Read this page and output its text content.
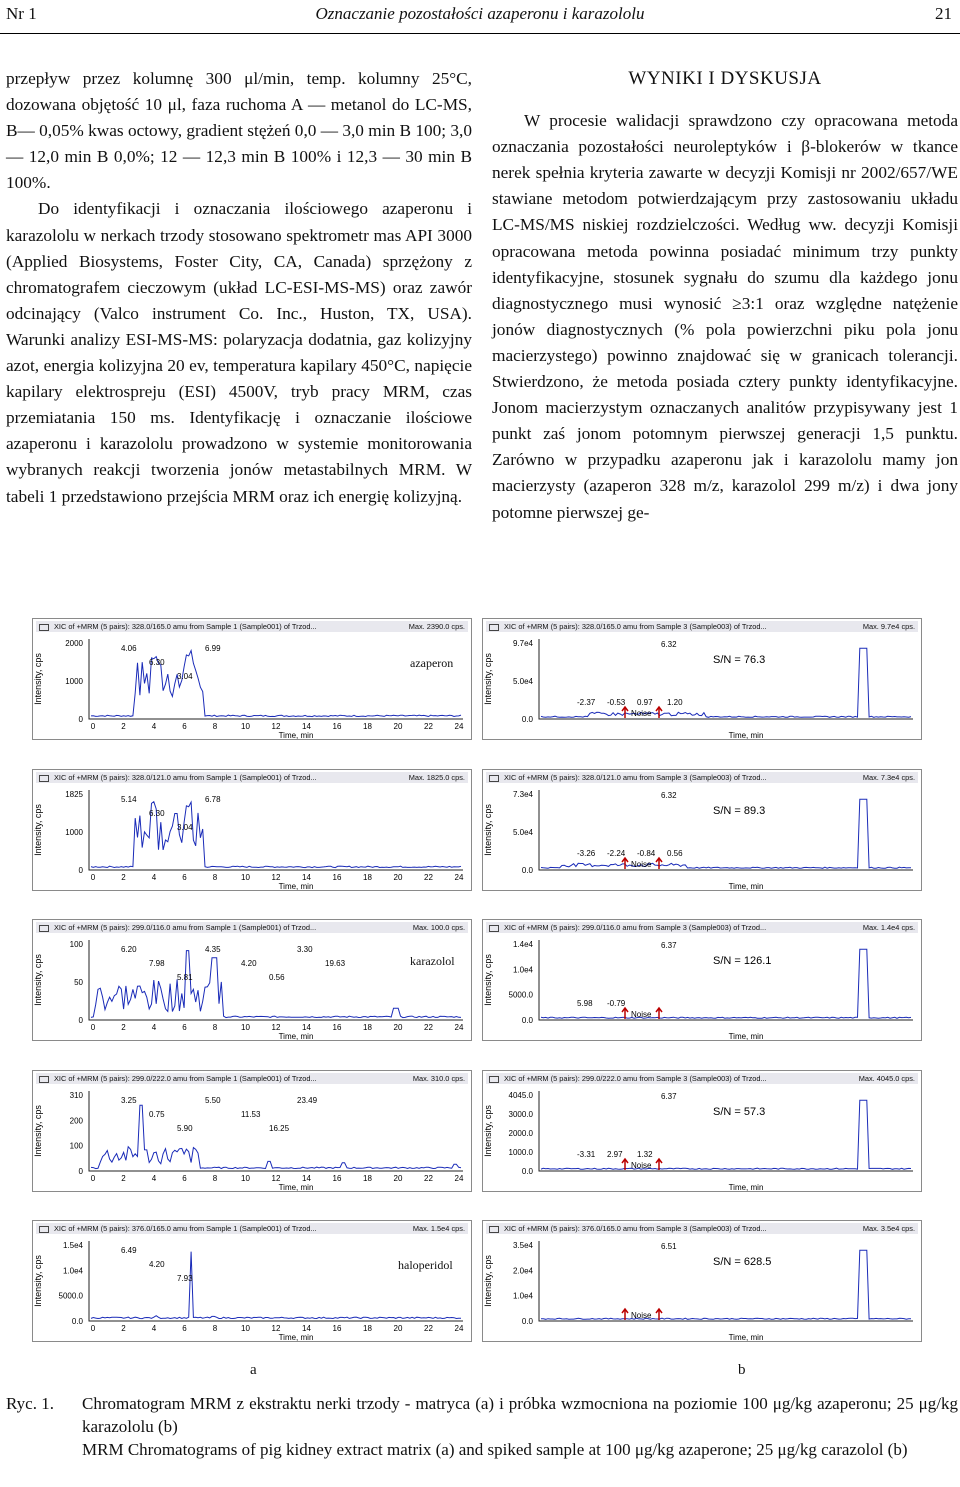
Nr 1	Oznaczanie pozostałości azaperonu i karazololu	21

przepływ przez kolumnę 300 μl/min, temp. kolumny 25°C, dozowana objętość 10 μl, faza ruchoma A — metanol do LC-MS, B— 0,05% kwas octowy, gradient stężeń 0,0 — 3,0 min B 100; 3,0 — 12,0 min B 0,0%; 12 — 12,3 min B 100% i 12,3 — 30 min B 100%.

Do identyfikacji i oznaczania ilościowego azaperonu i karazololu w nerkach trzody stosowano spektrometr mas API 3000 (Applied Biosystems, Foster City, CA, Canada) sprzężony z chromatografem cieczowym (układ LC-ESI-MS-MS) oraz zawór odcinający (Valco instrument Co. Inc., Huston, TX, USA). Warunki analizy ESI-MS-MS: polaryzacja dodatnia, gaz kolizyjny azot, energia kolizyjna 20 ev, temperatura kapilary 450°C, napięcie kapilary elektrospreju (ESI) 4500V, tryb pracy MRM, czas przemiatania 150 ms. Identyfikację i oznaczanie ilościowe azaperonu i karazololu prowadzono w systemie monitorowania wybranych reakcji tworzenia jonów metastabilnych MRM. W tabeli 1 przedstawiono przejścia MRM oraz ich energię kolizyjną.

WYNIKI I DYSKUSJA

W procesie walidacji sprawdzono czy opracowana metoda oznaczania pozostałości neuroleptyków i β-blokerów w tkance nerek spełnia kryteria zawarte w decyzji Komisji nr 2002/657/WE stawiane metodom potwierdzającym przy zastosowaniu układu LC-MS/MS niskiej rozdzielczości. Według ww. decyzji Komisji opracowana metoda powinna posiadać minimum trzy punkty identyfikacyjne, stosunek sygnału do szumu dla każdego jonu diagnostycznego musi wynosić ≥3:1 oraz względne natężenie jonów diagnostycznych (% pola powierzchni piku pola jonu macierzystego) powinno znajdować się w granicach tolerancji. Stwierdzono, że metoda posiada cztery punkty identyfikacyjne. Jonom macierzystym oznaczanych analitów przypisywany jest 1 punkt zaś jonom potomnym pierwszej generacji 1,5 punktu. Zarówno w przypadku azaperonu jak i karazololu mamy jon macierzysty (azaperon 328 m/z, karazolol 299 m/z) i dwa jony potomne pierwszej ge-

XIC of +MRM (5 pairs): 376.0/165.0 amu from Sample 3 (Sample003) of Trzod...	Max. 3.5e4 cps.
Intensity, cps
3.5e4
2.0e4
1.0e4
0.0
Time, min
6.51
S/N = 628.5
Noise
XIC of +MRM (5 pairs): 299.0/222.0 amu from Sample 3 (Sample003) of Trzod...	Max. 4045.0 cps.
Intensity, cps
4045.0
3000.0
2000.0
1000.0
0.0
Time, min
6.37
-3.31 2.97 1.32
S/N = 57.3
Noise
XIC of +MRM (5 pairs): 299.0/116.0 amu from Sample 3 (Sample003) of Trzod...	Max. 1.4e4 cps.
Intensity, cps
1.4e4
1.0e4
5000.0
0.0
Time, min
6.37
5.98 -0.79
S/N = 126.1
Noise
XIC of +MRM (5 pairs): 328.0/121.0 amu from Sample 3 (Sample003) of Trzod...	Max. 7.3e4 cps.
Intensity, cps
7.3e4
5.0e4
0.0
Time, min
6.32
-3.26 -2.24 -0.84 0.56
S/N = 89.3
Noise
XIC of +MRM (5 pairs): 328.0/165.0 amu from Sample 3 (Sample003) of Trzod...	Max. 9.7e4 cps.
Intensity, cps
9.7e4
5.0e4
0.0
Time, min
6.32
-2.37 -0.53 0.97 1.20
S/N = 76.3
Noise
XIC of +MRM (5 pairs): 376.0/165.0 amu from Sample 1 (Sample001) of Trzod...	Max. 1.5e4 cps.
Intensity, cps
1.5e4
1.0e4
5000.0
0.0
0	2	4	6	8	10	12	14	16	18	20	22	24
Time, min
6.49
4.20
7.93
XIC of +MRM (5 pairs): 299.0/222.0 amu from Sample 1 (Sample001) of Trzod...	Max. 310.0 cps.
Intensity, cps
310
200
100
0
0	2	4	6	8	10	12	14	16	18	20	22	24
Time, min
3.25
0.75
5.90
5.50
11.53
16.25
23.49
XIC of +MRM (5 pairs): 299.0/116.0 amu from Sample 1 (Sample001) of Trzod...	Max. 100.0 cps.
Intensity, cps
100
50
0
0	2	4	6	8	10	12	14	16	18	20	22	24
Time, min
6.20
7.98
5.81
4.35
4.20
0.56
3.30
19.63
XIC of +MRM (5 pairs): 328.0/121.0 amu from Sample 1 (Sample001) of Trzod...	Max. 1825.0 cps.
Intensity, cps
1825
1000
0
0	2	4	6	8	10	12	14	16	18	20	22	24
Time, min
5.14
6.30
3.04
6.78
XIC of +MRM (5 pairs): 328.0/165.0 amu from Sample 1 (Sample001) of Trzod...	Max. 2390.0 cps.
Intensity, cps
2000
1000
0
0	2	4	6	8	10	12	14	16	18	20	22	24
Time, min
4.06
6.30
3.04
6.99
azaperon
karazolol
haloperidol
a	b
Ryc. 1. Chromatogram MRM z ekstraktu nerki trzody - matryca (a) i próbka wzmocniona na poziomie 100 μg/kg azaperonu; 25 μg/kg karazololu (b)

MRM Chromatograms of pig kidney extract matrix (a) and spiked sample at 100 μg/kg azaperone; 25 μg/kg carazolol (b)
